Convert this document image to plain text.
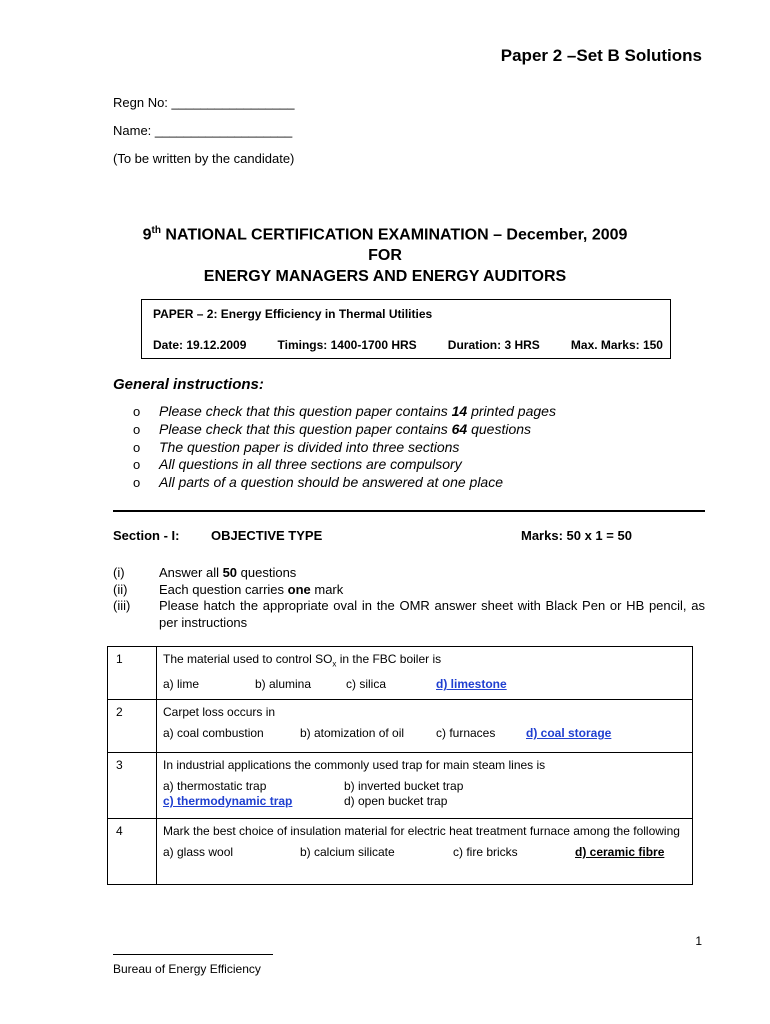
Paper 2 –Set B Solutions
Regn No: _________________
Name: ___________________
(To be written by the candidate)
9th NATIONAL CERTIFICATION EXAMINATION – December, 2009
FOR
ENERGY MANAGERS AND ENERGY AUDITORS
PAPER – 2: Energy Efficiency in Thermal Utilities
Date: 19.12.2009	Timings: 1400-1700 HRS	Duration: 3 HRS	Max. Marks: 150
General instructions:
o Please check that this question paper contains 14 printed pages
o Please check that this question paper contains 64 questions
o The question paper is divided into three sections
o All questions in all three sections are compulsory
o All parts of a question should be answered at one place
Section - I: OBJECTIVE TYPE	Marks: 50 x 1 = 50
(i)	Answer all 50 questions
(ii)	Each question carries one mark
(iii)	Please hatch the appropriate oval in the OMR answer sheet with Black Pen or HB pencil, as per instructions
1	The material used to control $SO_x$ in the FBC boiler is
a) lime b) alumina c) silica d) limestone

2	Carpet loss occurs in
a) coal combustion b) atomization of oil c) furnaces d) coal storage

3	In industrial applications the commonly used trap for main steam lines is
a) thermostatic trap b) inverted bucket trap
c) thermodynamic trap d) open bucket trap

4	Mark the best choice of insulation material for electric heat treatment furnace among the following
a) glass wool b) calcium silicate c) fire bricks d) ceramic fibre
1
Bureau of Energy Efficiency
